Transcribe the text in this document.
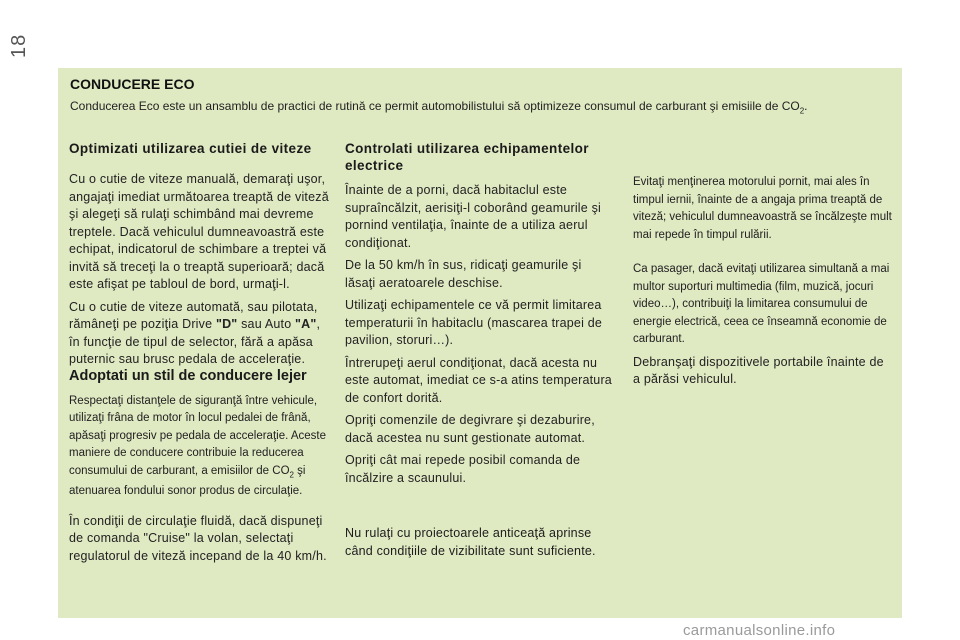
18
CONDUCERE ECO
Conducerea Eco este un ansamblu de practici de rutină ce permit automobilistului să optimizeze consumul de carburant şi emisiile de $CO_2$.
Optimizati utilizarea cutiei de viteze

Cu o cutie de viteze manuală, demaraţi uşor, angajaţi imediat următoarea treaptă de viteză şi alegeţi să rulaţi schimbând mai devreme treptele. Dacă vehiculul dumneavoastră este echipat, indicatorul de schimbare a treptei vă invită să treceţi la o treaptă superioară; dacă este afişat pe tabloul de bord, urmaţi-l.

Cu o cutie de viteze automată, sau pilotata, rămâneţi pe poziţia Drive "D" sau Auto "A", în funcţie de tipul de selector, fără a apăsa puternic sau brusc pedala de acceleraţie.

Adoptati un stil de conducere lejer

Respectaţi distanţele de siguranţă între vehicule, utilizaţi frâna de motor în locul pedalei de frână, apăsaţi progresiv pe pedala de acceleraţie. Aceste maniere de conducere contribuie la reducerea consumului de carburant, a emisiilor de $CO_2$ şi atenuarea fondului sonor produs de circulaţie.

În condiţii de circulaţie fluidă, dacă dispuneţi de comanda "Cruise" la volan, selectaţi regulatorul de viteză incepand de la 40 km/h.

Controlati utilizarea echipamentelor electrice

Înainte de a porni, dacă habitaclul este supraîncălzit, aerisiţi-l coborând geamurile şi pornind ventilaţia, înainte de a utiliza aerul condiţionat.

De la 50 km/h în sus, ridicaţi geamurile şi lăsaţi aeratoarele deschise.

Utilizaţi echipamentele ce vă permit limitarea temperaturii în habitaclu (mascarea trapei de pavilion, storuri…).

Întrerupeţi aerul condiţionat, dacă acesta nu este automat, imediat ce s-a atins temperatura de confort dorită.

Opriţi comenzile de degivrare şi dezaburire, dacă acestea nu sunt gestionate automat.

Opriţi cât mai repede posibil comanda de încălzire a scaunului.

Nu rulaţi cu proiectoarele anticeaţă aprinse când condiţiile de vizibilitate sunt suficiente.

Evitaţi menţinerea motorului pornit, mai ales în timpul iernii, înainte de a angaja prima treaptă de viteză; vehiculul dumneavoastră se încălzeşte mult mai repede în timpul rulării.

Ca pasager, dacă evitaţi utilizarea simultană a mai multor suporturi multimedia (film, muzică, jocuri video…), contribuiţi la limitarea consumului de energie electrică, ceea ce înseamnă economie de carburant.

Debranşaţi dispozitivele portabile înainte de a părăsi vehiculul.

carmanualsonline.info
